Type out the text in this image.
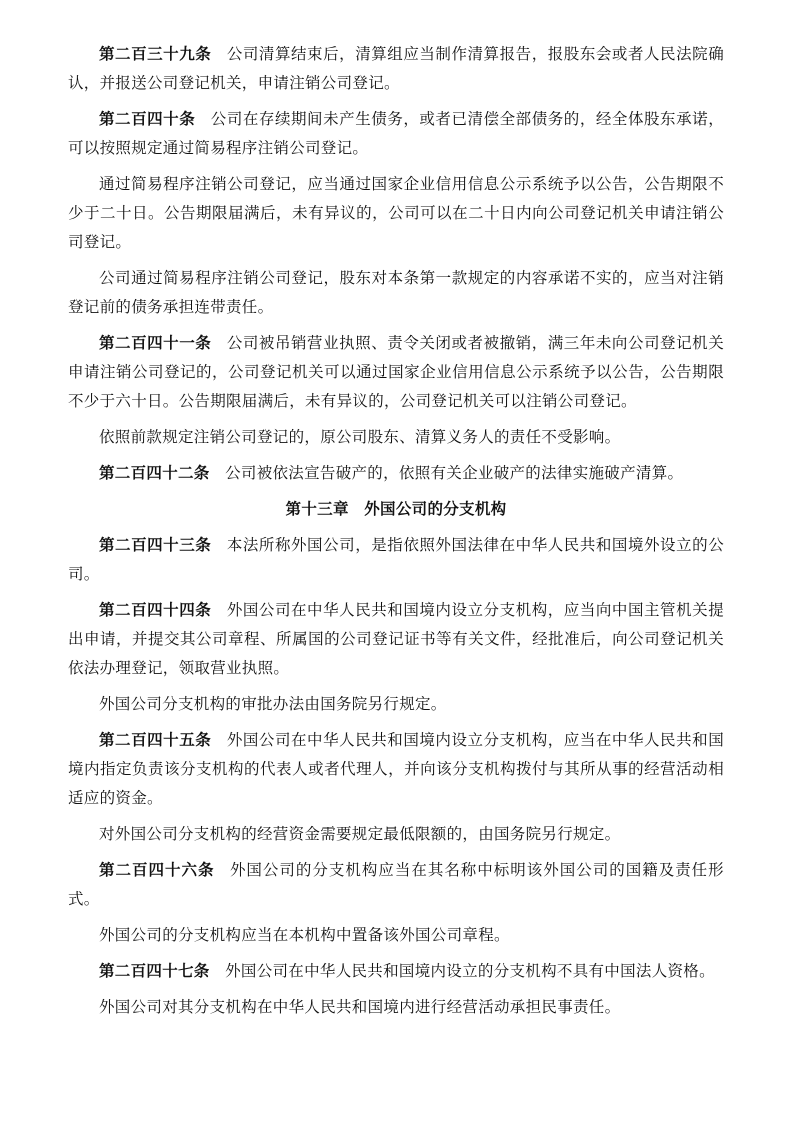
第二百三十九条 公司清算结束后，清算组应当制作清算报告，报股东会或者人民法院确认，并报送公司登记机关，申请注销公司登记。

第二百四十条 公司在存续期间未产生债务，或者已清偿全部债务的，经全体股东承诺，可以按照规定通过简易程序注销公司登记。

通过简易程序注销公司登记，应当通过国家企业信用信息公示系统予以公告，公告期限不少于二十日。公告期限届满后，未有异议的，公司可以在二十日内向公司登记机关申请注销公司登记。

公司通过简易程序注销公司登记，股东对本条第一款规定的内容承诺不实的，应当对注销登记前的债务承担连带责任。

第二百四十一条 公司被吊销营业执照、责令关闭或者被撤销，满三年未向公司登记机关申请注销公司登记的，公司登记机关可以通过国家企业信用信息公示系统予以公告，公告期限不少于六十日。公告期限届满后，未有异议的，公司登记机关可以注销公司登记。

依照前款规定注销公司登记的，原公司股东、清算义务人的责任不受影响。

第二百四十二条 公司被依法宣告破产的，依照有关企业破产的法律实施破产清算。

第十三章 外国公司的分支机构

第二百四十三条 本法所称外国公司，是指依照外国法律在中华人民共和国境外设立的公司。

第二百四十四条 外国公司在中华人民共和国境内设立分支机构，应当向中国主管机关提出申请，并提交其公司章程、所属国的公司登记证书等有关文件，经批准后，向公司登记机关依法办理登记，领取营业执照。

外国公司分支机构的审批办法由国务院另行规定。

第二百四十五条 外国公司在中华人民共和国境内设立分支机构，应当在中华人民共和国境内指定负责该分支机构的代表人或者代理人，并向该分支机构拨付与其所从事的经营活动相适应的资金。

对外国公司分支机构的经营资金需要规定最低限额的，由国务院另行规定。

第二百四十六条 外国公司的分支机构应当在其名称中标明该外国公司的国籍及责任形式。

外国公司的分支机构应当在本机构中置备该外国公司章程。

第二百四十七条 外国公司在中华人民共和国境内设立的分支机构不具有中国法人资格。

外国公司对其分支机构在中华人民共和国境内进行经营活动承担民事责任。
